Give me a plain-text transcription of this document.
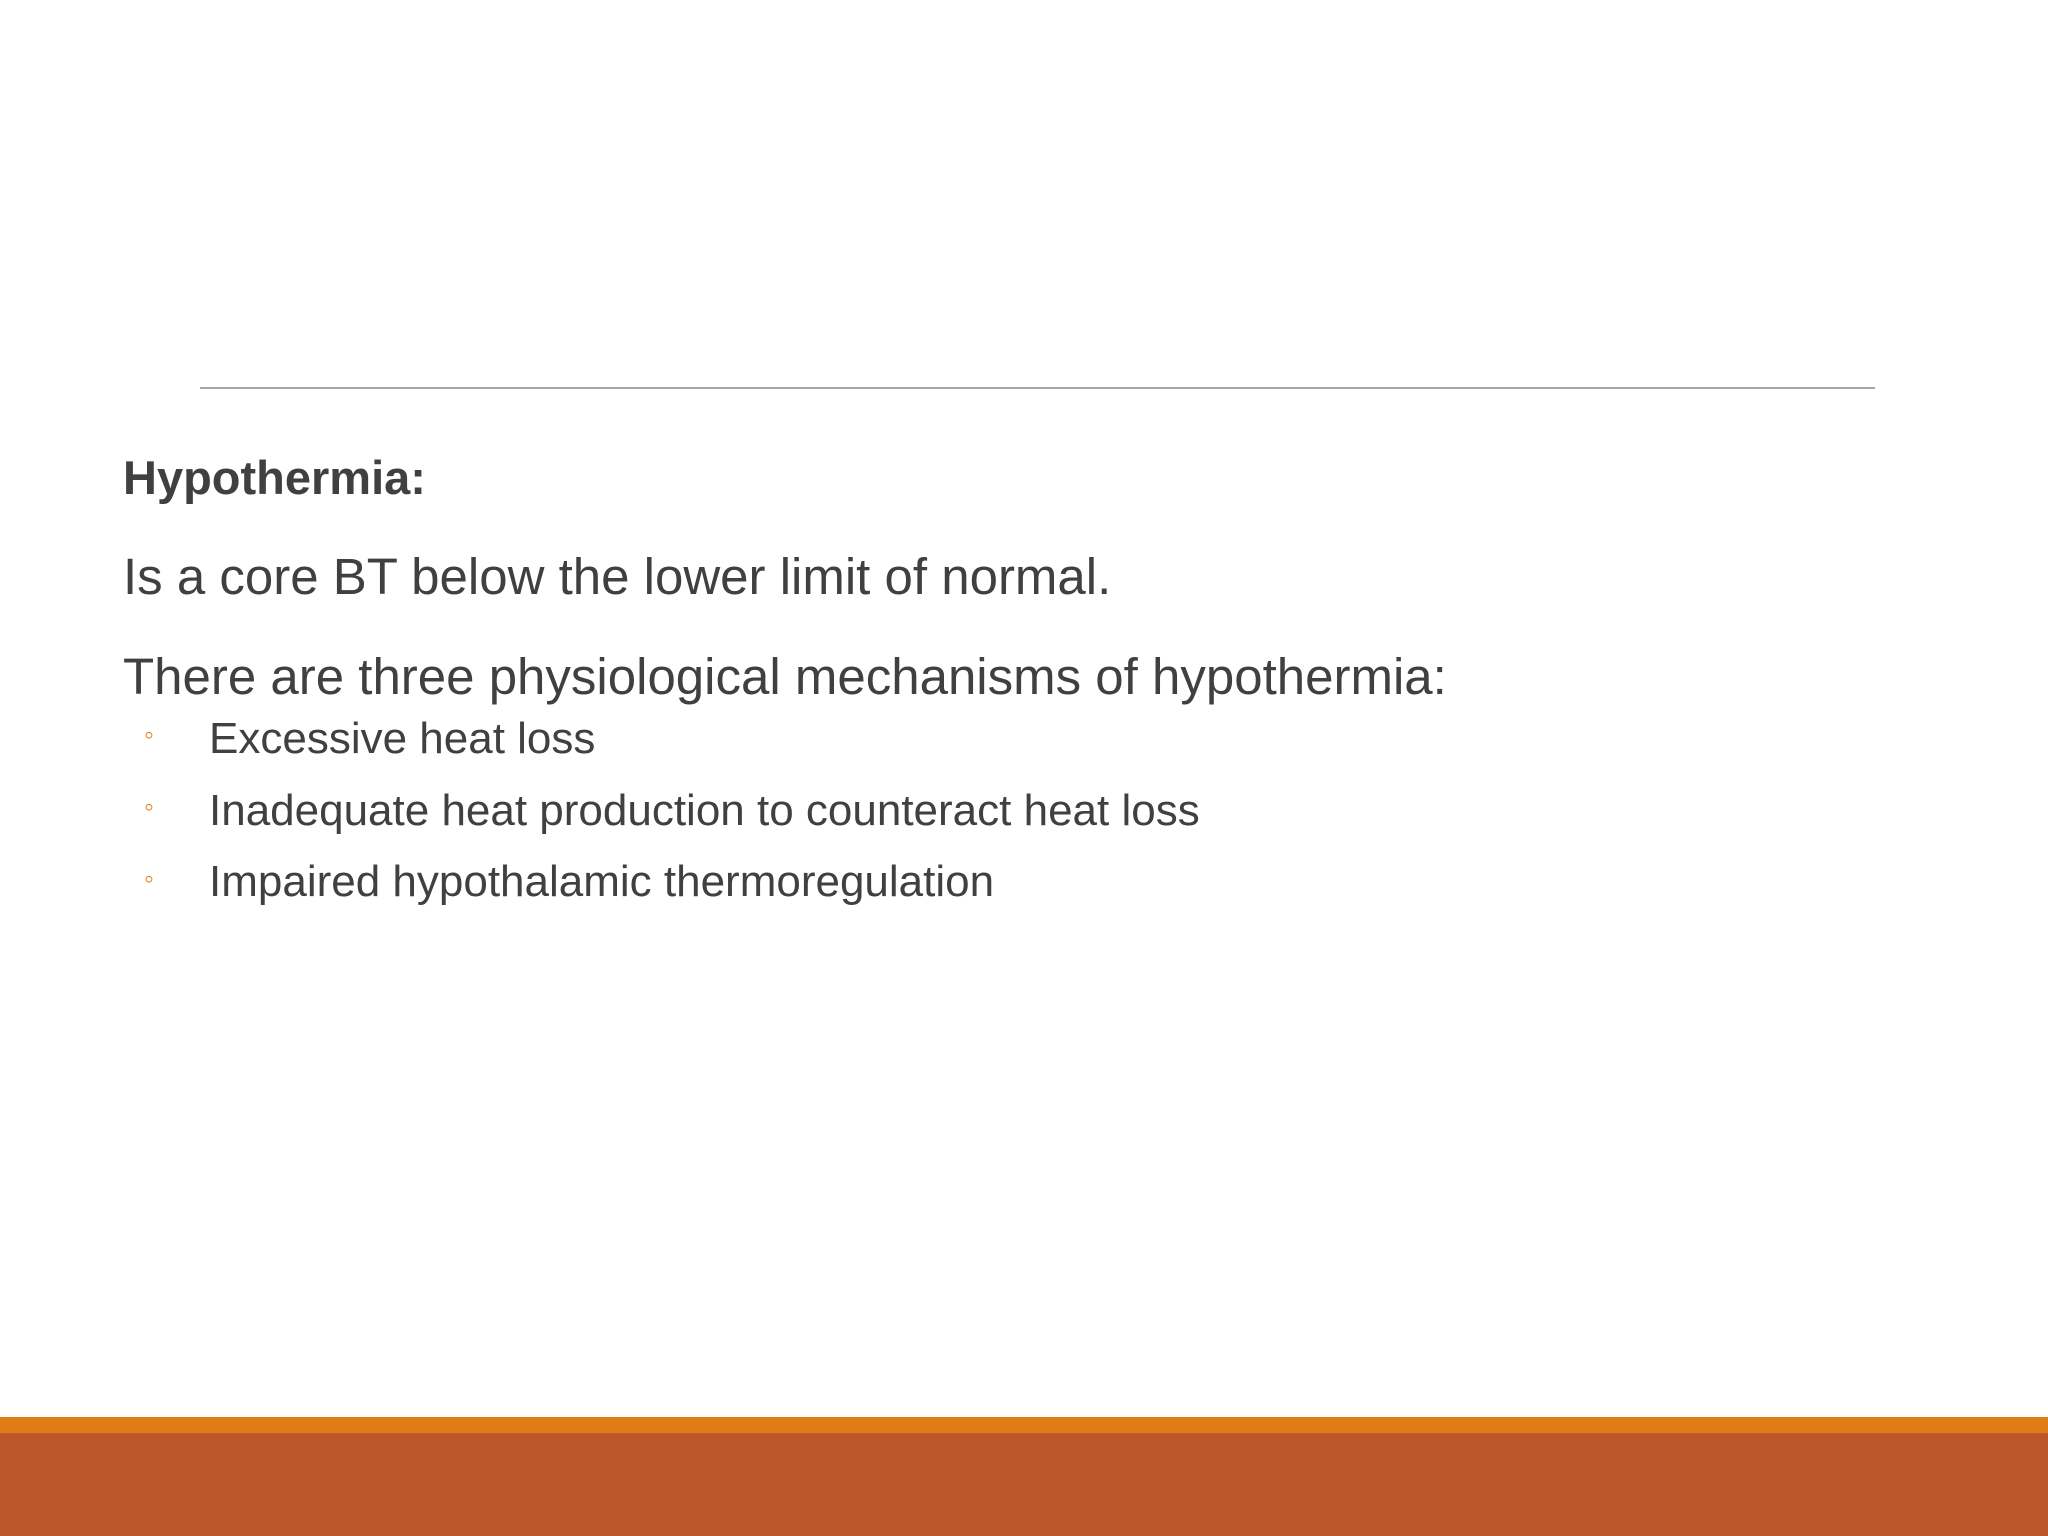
Hypothermia:
Is a core BT below the lower limit of normal.
There are three physiological mechanisms of hypothermia:
◦	Excessive heat loss
◦	Inadequate heat production to counteract heat loss
◦	Impaired hypothalamic thermoregulation
